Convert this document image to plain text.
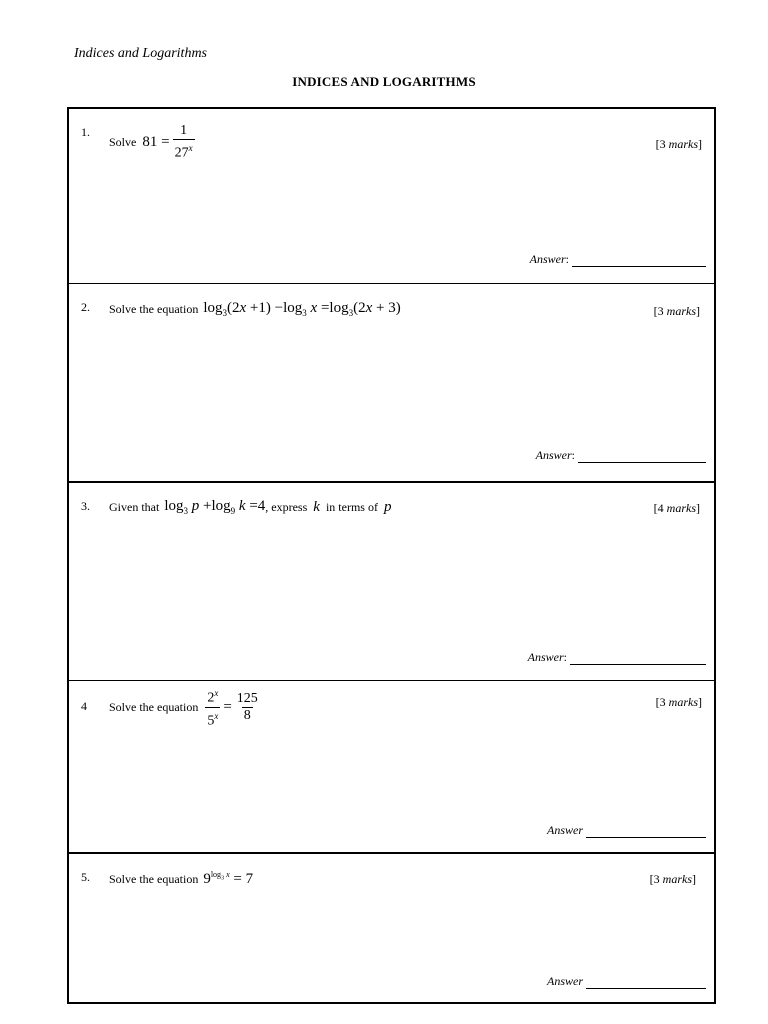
Indices and Logarithms
INDICES AND LOGARITHMS
1.
Solve $81 = \frac{1}{27^x}$	[3 marks]
Answer :
2. Solve the equation $\log_3(2x +1) -\log_3$ $x =\log_3(2x + 3)$	[3 marks]
Answer :
3. Given that $\log_3 p +\log_9$ k =4 , express k in terms of p	[4 marks]
Answer :
4 Solve the equation $\frac{2^x}{5^x} = \frac{125}{8}$	[3 marks]
Answer
5. Solve the equation $9^{log_3 x} = 7$	[3 marks]
Answer
